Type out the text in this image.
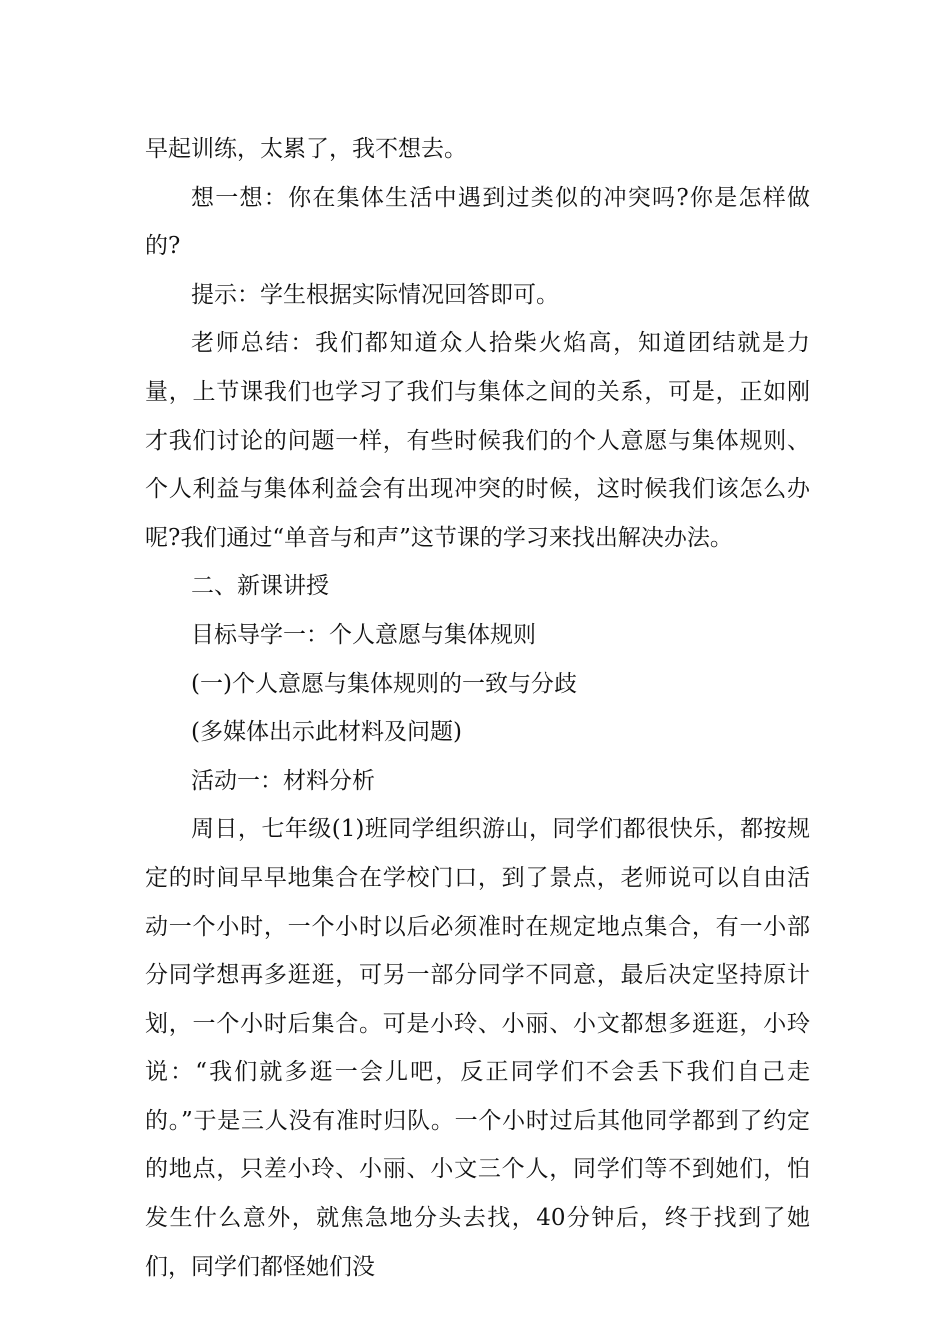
早起训练，太累了，我不想去。

想一想：你在集体生活中遇到过类似的冲突吗?你是怎样做的?

提示：学生根据实际情况回答即可。

老师总结：我们都知道众人拾柴火焰高，知道团结就是力量，上节课我们也学习了我们与集体之间的关系，可是，正如刚才我们讨论的问题一样，有些时候我们的个人意愿与集体规则、个人利益与集体利益会有出现冲突的时候，这时候我们该怎么办呢?我们通过“单音与和声”这节课的学习来找出解决办法。

二、新课讲授

目标导学一：个人意愿与集体规则

(一)个人意愿与集体规则的一致与分歧

(多媒体出示此材料及问题)

活动一：材料分析

周日，七年级(1)班同学组织游山，同学们都很快乐，都按规定的时间早早地集合在学校门口，到了景点，老师说可以自由活动一个小时，一个小时以后必须准时在规定地点集合，有一小部分同学想再多逛逛，可另一部分同学不同意，最后决定坚持原计划，一个小时后集合。可是小玲、小丽、小文都想多逛逛，小玲说：“我们就多逛一会儿吧，反正同学们不会丢下我们自己走的。”于是三人没有准时归队。一个小时过后其他同学都到了约定的地点，只差小玲、小丽、小文三个人，同学们等不到她们，怕发生什么意外，就焦急地分头去找，40分钟后，终于找到了她们，同学们都怪她们没
